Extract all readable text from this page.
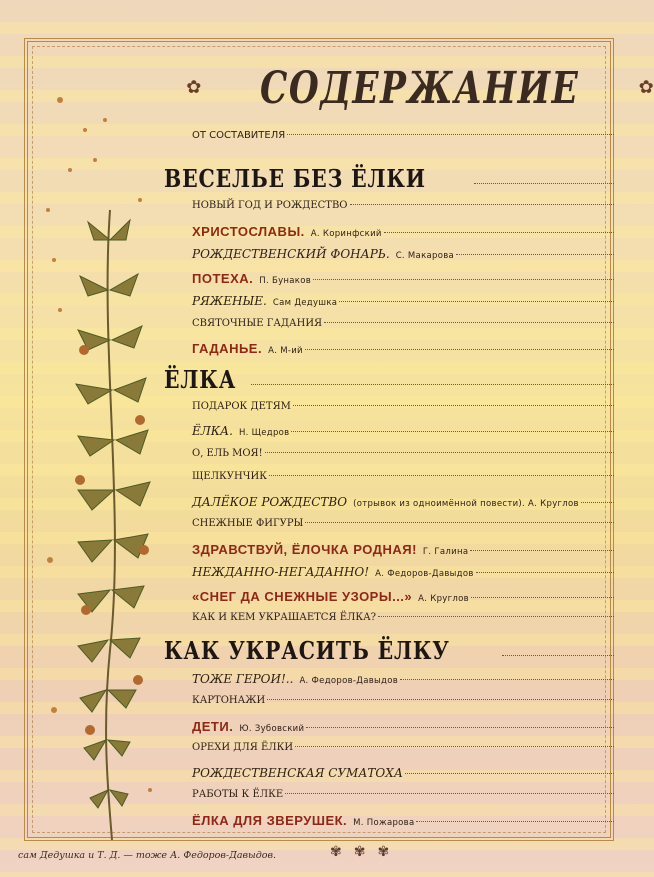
✿ СОДЕРЖАНИЕ	✿
ОТ СОСТАВИТЕЛЯ
ВЕСЕЛЬЕ БЕЗ ЁЛКИ
НОВЫЙ ГОД И РОЖДЕСТВО
ХРИСТОСЛАВЫ. А. Коринфский
РОЖДЕСТВЕНСКИЙ ФОНАРЬ. С. Макарова
ПОТЕХА. П. Бунаков
РЯЖЕНЫЕ. Сам Дедушка
СВЯТОЧНЫЕ ГАДАНИЯ
ГАДАНЬЕ. А. М-ий
ЁЛКА
ПОДАРОК ДЕТЯМ
ЁЛКА. Н. Щедров
О, ЕЛЬ МОЯ!
ЩЕЛКУНЧИК
ДАЛЁКОЕ РОЖДЕСТВО (отрывок из одноимённой повести). А. Круглов
СНЕЖНЫЕ ФИГУРЫ
ЗДРАВСТВУЙ, ЁЛОЧКА РОДНАЯ! Г. Галина
НЕЖДАННО-НЕГАДАННО! А. Федоров-Давыдов
«СНЕГ ДА СНЕЖНЫЕ УЗОРЫ...» А. Круглов
КАК И КЕМ УКРАШАЕТСЯ ЁЛКА?
КАК УКРАСИТЬ ЁЛКУ
ТОЖЕ ГЕРОИ!.. А. Федоров-Давыдов
КАРТОНАЖИ
ДЕТИ. Ю. Зубовский
ОРЕХИ ДЛЯ ЁЛКИ
РОЖДЕСТВЕНСКАЯ СУМАТОХА
РАБОТЫ К ЁЛКЕ
ЁЛКА ДЛЯ ЗВЕРУШЕК. М. Пожарова
сам Дедушка и Т. Д. — тоже А. Федоров-Давыдов.	✾ ✾ ✾
